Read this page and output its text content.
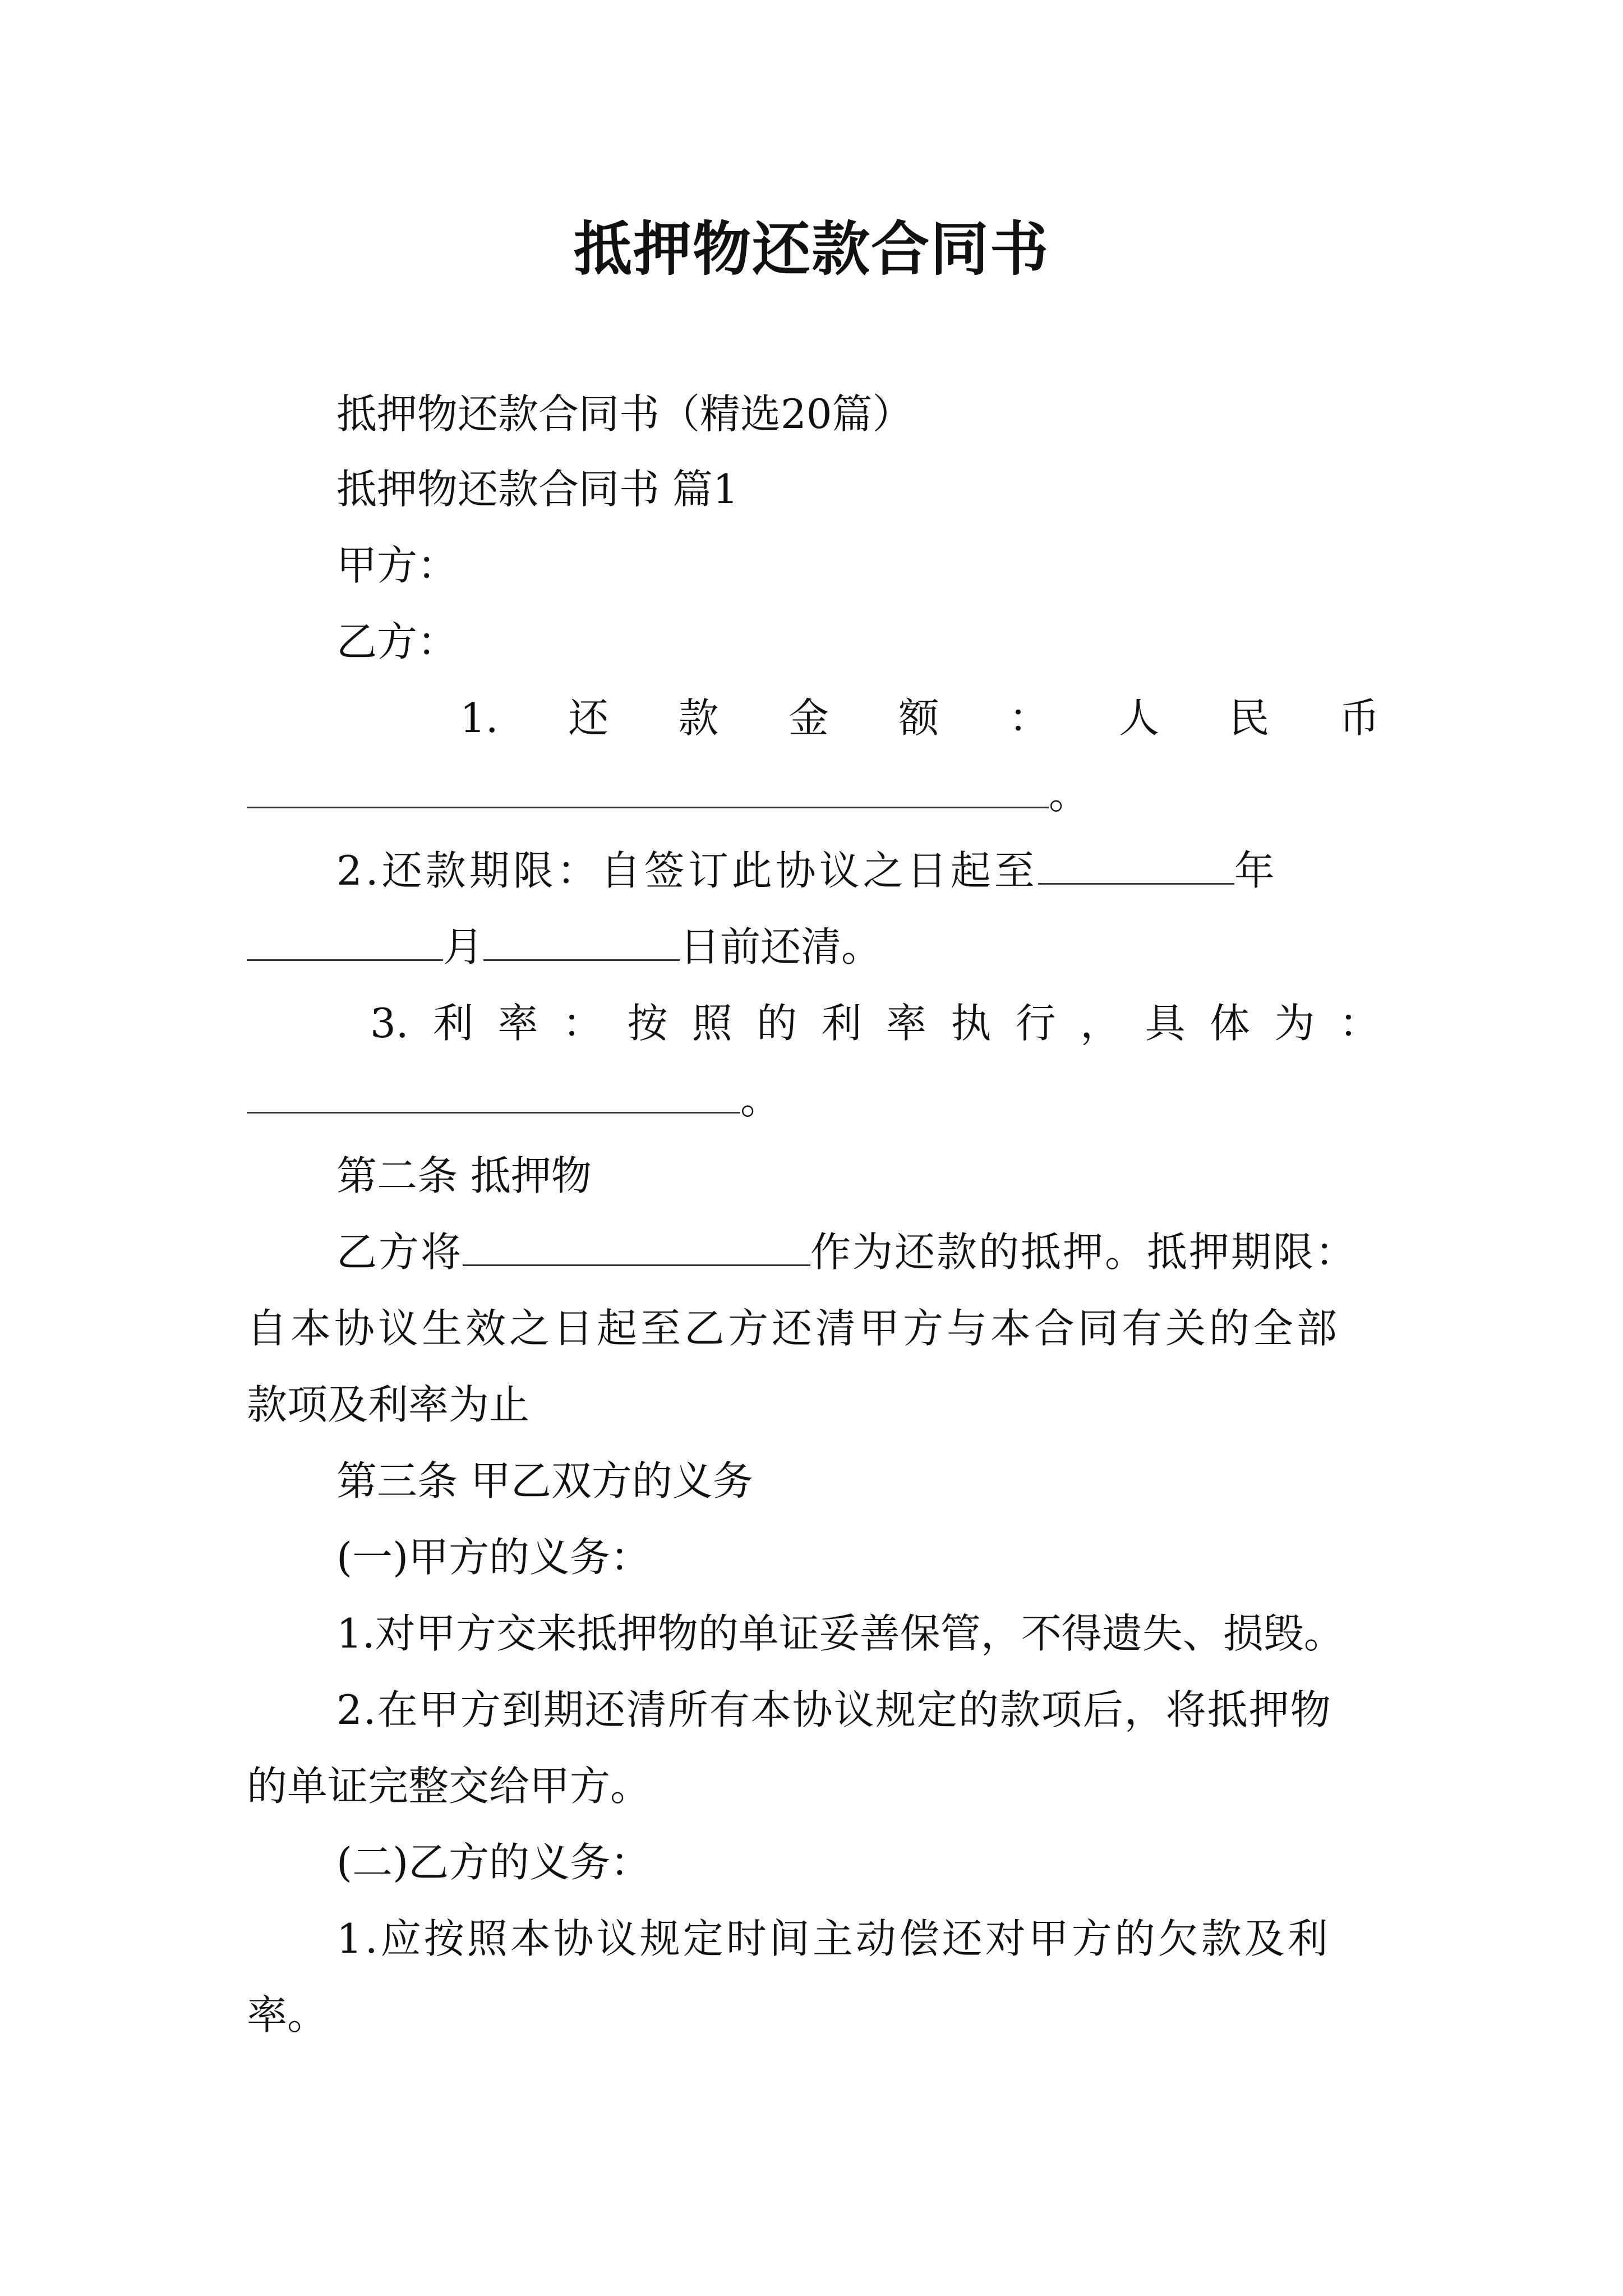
抵押物还款合同书
抵押物还款合同书（精选20篇）
抵押物还款合同书 篇1
甲方：
乙方：
1. 还 款 金 额 ： 人 民 币
。
2.还款期限：自签订此协议之日起至	年
月	日前还清。
3. 利 率 ： 按 照 的 利 率 执 行 ， 具 体 为 ：
。
第二条 抵押物
乙方将	作为还款的抵押。抵押期限：
自本协议生效之日起至乙方还清甲方与本合同有关的全部
款项及利率为止
第三条 甲乙双方的义务
(一)甲方的义务：
1.对甲方交来抵押物的单证妥善保管，不得遗失、损毁。
2.在甲方到期还清所有本协议规定的款项后，将抵押物
的单证完整交给甲方。
(二)乙方的义务：
1.应按照本协议规定时间主动偿还对甲方的欠款及利
率。
